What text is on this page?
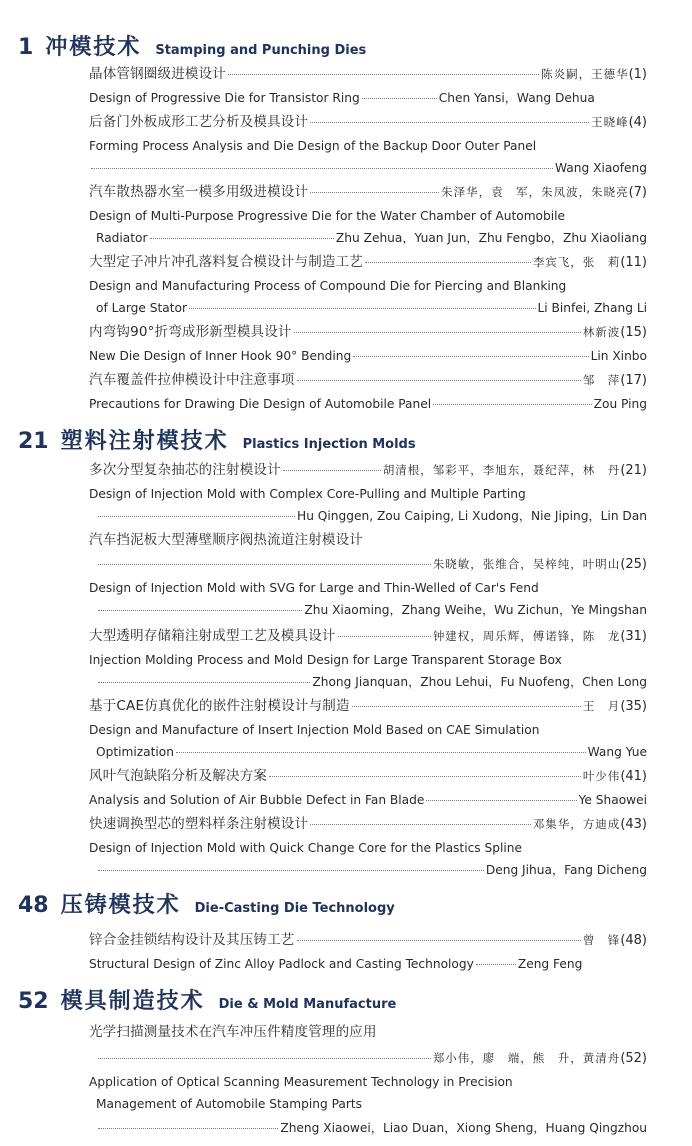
1 冲模技术 Stamping and Punching Dies
晶体管钢圈级进模设计	陈炎嗣，王德华 (1)
Design of Progressive Die for Transistor Ring	Chen Yansi，Wang Dehua
后备门外板成形工艺分析及模具设计	王晓峰 (4)
Forming Process Analysis and Die Design of the Backup Door Outer Panel
Wang Xiaofeng
汽车散热器水室一模多用级进模设计	朱泽华，袁　军，朱凤波，朱晓亮 (7)
Design of Multi-Purpose Progressive Die for the Water Chamber of Automobile
Radiator	Zhu Zehua，Yuan Jun，Zhu Fengbo，Zhu Xiaoliang
大型定子冲片冲孔落料复合模设计与制造工艺	李宾飞，张　莉 (11)
Design and Manufacturing Process of Compound Die for Piercing and Blanking
of Large Stator	Li Binfei, Zhang Li
内弯钩90°折弯成形新型模具设计	林新波 (15)
New Die Design of Inner Hook 90° Bending	Lin Xinbo
汽车覆盖件拉伸模设计中注意事项	邹　萍 (17)
Precautions for Drawing Die Design of Automobile Panel	Zou Ping
21 塑料注射模技术 Plastics Injection Molds
多次分型复杂抽芯的注射模设计	胡清根，邹彩平，李旭东，聂纪萍，林　丹 (21)
Design of Injection Mold with Complex Core-Pulling and Multiple Parting
Hu Qinggen, Zou Caiping, Li Xudong，Nie Jiping，Lin Dan
汽车挡泥板大型薄壁顺序阀热流道注射模设计
朱晓敏，张维合，吴梓纯，叶明山 (25)
Design of Injection Mold with SVG for Large and Thin-Welled of Car's Fend
Zhu Xiaoming，Zhang Weihe，Wu Zichun，Ye Mingshan
大型透明存储箱注射成型工艺及模具设计	钟建权，周乐辉，傅诺锋，陈　龙 (31)
Injection Molding Process and Mold Design for Large Transparent Storage Box
Zhong Jianquan，Zhou Lehui，Fu Nuofeng，Chen Long
基于CAE仿真优化的嵌件注射模设计与制造	王　月 (35)
Design and Manufacture of Insert Injection Mold Based on CAE Simulation
Optimization	Wang Yue
风叶气泡缺陷分析及解决方案	叶少伟 (41)
Analysis and Solution of Air Bubble Defect in Fan Blade	Ye Shaowei
快速调换型芯的塑料样条注射模设计	邓集华，方迪成 (43)
Design of Injection Mold with Quick Change Core for the Plastics Spline
Deng Jihua，Fang Dicheng
48 压铸模技术 Die-Casting Die Technology
锌合金挂锁结构设计及其压铸工艺	曾　锋 (48)
Structural Design of Zinc Alloy Padlock and Casting Technology	Zeng Feng
52 模具制造技术 Die & Mold Manufacture
光学扫描测量技术在汽车冲压件精度管理的应用
郑小伟，廖　端，熊　升，黄清舟 (52)
Application of Optical Scanning Measurement Technology in Precision
Management of Automobile Stamping Parts
Zheng Xiaowei，Liao Duan，Xiong Sheng，Huang Qingzhou
